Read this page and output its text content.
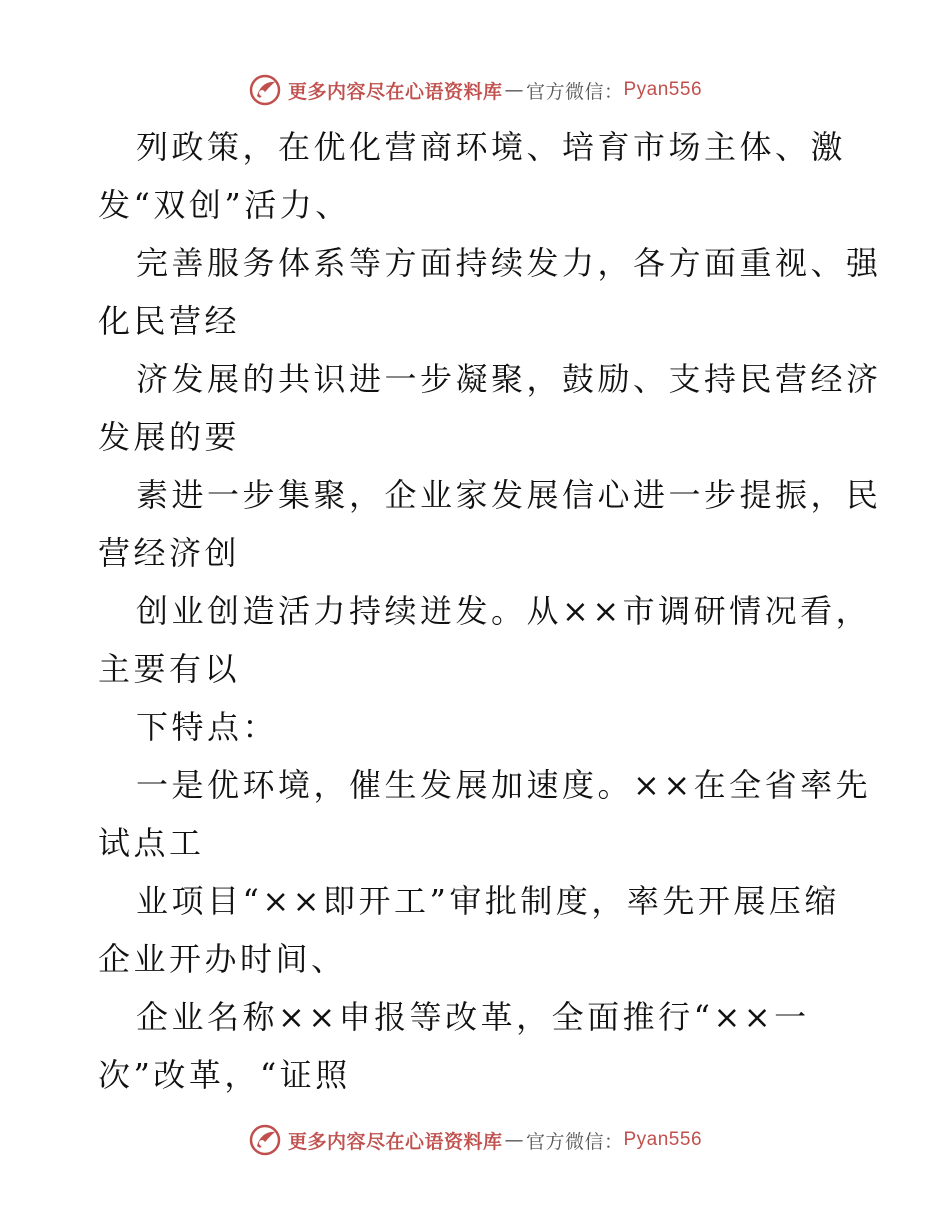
更多内容尽在心语资料库 — 官方微信： Pyan556
列政策，在优化营商环境、培育市场主体、激
发“双创”活力、
完善服务体系等方面持续发力，各方面重视、强
化民营经
济发展的共识进一步凝聚，鼓励、支持民营经济
发展的要
素进一步集聚，企业家发展信心进一步提振，民
营经济创
创业创造活力持续迸发。从××市调研情况看，
主要有以
下特点：
一是优环境，催生发展加速度。××在全省率先
试点工
业项目“××即开工”审批制度，率先开展压缩
企业开办时间、
企业名称××申报等改革，全面推行“××一
次”改革，“证照
更多内容尽在心语资料库 — 官方微信： Pyan556
